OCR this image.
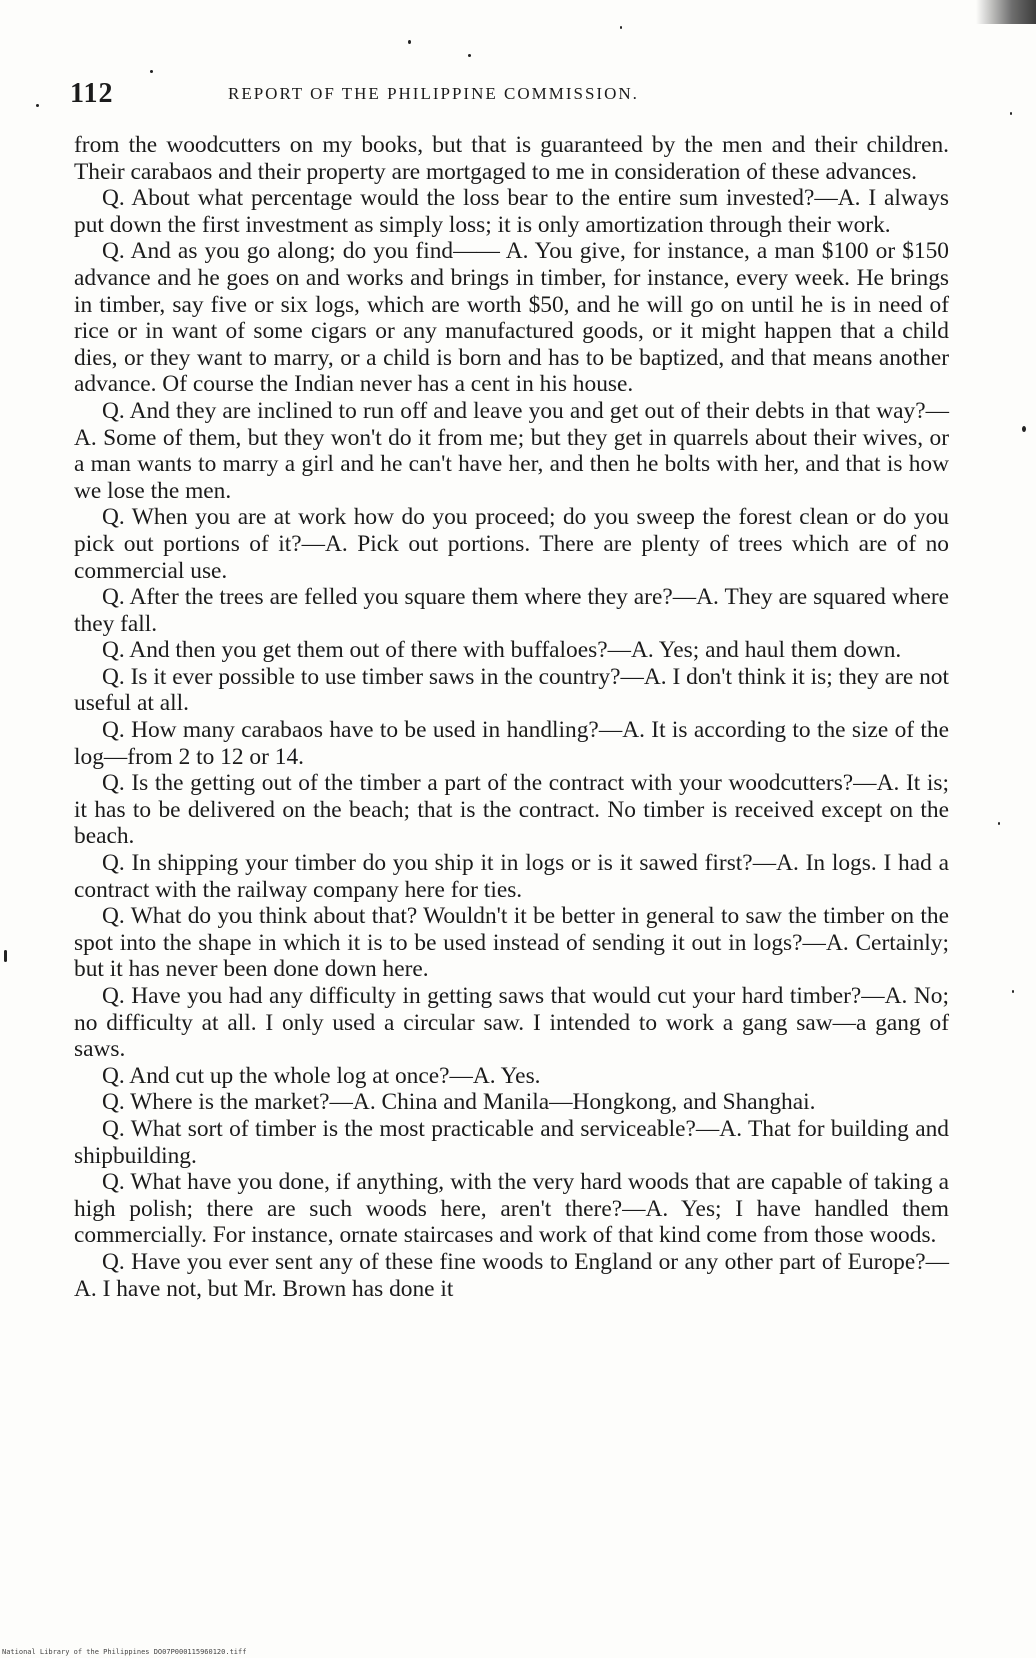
112	REPORT OF THE PHILIPPINE COMMISSION.

from the woodcutters on my books, but that is guaranteed by the men and their children. Their carabaos and their property are mortgaged to me in consideration of these advances.

Q. About what percentage would the loss bear to the entire sum invested?—A. I always put down the first investment as simply loss; it is only amortization through their work.

Q. And as you go along; do you find—— A. You give, for instance, a man $100 or $150 advance and he goes on and works and brings in timber, for instance, every week. He brings in timber, say five or six logs, which are worth $50, and he will go on until he is in need of rice or in want of some cigars or any manufactured goods, or it might happen that a child dies, or they want to marry, or a child is born and has to be baptized, and that means another advance. Of course the Indian never has a cent in his house.

Q. And they are inclined to run off and leave you and get out of their debts in that way?—A. Some of them, but they won't do it from me; but they get in quarrels about their wives, or a man wants to marry a girl and he can't have her, and then he bolts with her, and that is how we lose the men.

Q. When you are at work how do you proceed; do you sweep the forest clean or do you pick out portions of it?—A. Pick out portions. There are plenty of trees which are of no commercial use.

Q. After the trees are felled you square them where they are?—A. They are squared where they fall.

Q. And then you get them out of there with buffaloes?—A. Yes; and haul them down.

Q. Is it ever possible to use timber saws in the country?—A. I don't think it is; they are not useful at all.

Q. How many carabaos have to be used in handling?—A. It is according to the size of the log—from 2 to 12 or 14.

Q. Is the getting out of the timber a part of the contract with your woodcutters?—A. It is; it has to be delivered on the beach; that is the contract. No timber is received except on the beach.

Q. In shipping your timber do you ship it in logs or is it sawed first?—A. In logs. I had a contract with the railway company here for ties.

Q. What do you think about that? Wouldn't it be better in general to saw the timber on the spot into the shape in which it is to be used instead of sending it out in logs?—A. Certainly; but it has never been done down here.

Q. Have you had any difficulty in getting saws that would cut your hard timber?—A. No; no difficulty at all. I only used a circular saw. I intended to work a gang saw—a gang of saws.

Q. And cut up the whole log at once?—A. Yes.

Q. Where is the market?—A. China and Manila—Hongkong, and Shanghai.

Q. What sort of timber is the most practicable and serviceable?—A. That for building and shipbuilding.

Q. What have you done, if anything, with the very hard woods that are capable of taking a high polish; there are such woods here, aren't there?—A. Yes; I have handled them commercially. For instance, ornate staircases and work of that kind come from those woods.

Q. Have you ever sent any of these fine woods to England or any other part of Europe?—A. I have not, but Mr. Brown has done it

National Library of the Philippines DO07P000115960120.tiff
